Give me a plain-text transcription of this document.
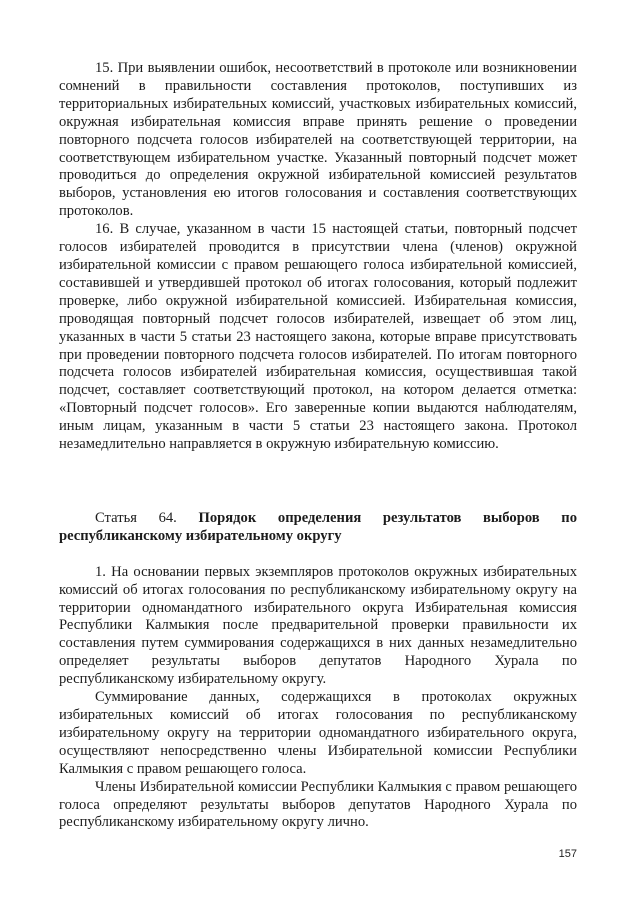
15. При выявлении ошибок, несоответствий в протоколе или возникновении сомнений в правильности составления протоколов, поступивших из территориальных избирательных комиссий, участковых избирательных комиссий, окружная избирательная комиссия вправе принять решение о проведении повторного подсчета голосов избирателей на соответствующей территории, на соответствующем избирательном участке. Указанный повторный подсчет может проводиться до определения окружной избирательной комиссией результатов выборов, установления ею итогов голосования и составления соответствующих протоколов.

16. В случае, указанном в части 15 настоящей статьи, повторный подсчет голосов избирателей проводится в присутствии члена (членов) окружной избирательной комиссии с правом решающего голоса избирательной комиссией, составившей и утвердившей протокол об итогах голосования, который подлежит проверке, либо окружной избирательной комиссией. Избирательная комиссия, проводящая повторный подсчет голосов избирателей, извещает об этом лиц, указанных в части 5 статьи 23 настоящего закона, которые вправе присутствовать при проведении повторного подсчета голосов избирателей. По итогам повторного подсчета голосов избирателей избирательная комиссия, осуществившая такой подсчет, составляет соответствующий протокол, на котором делается отметка: «Повторный подсчет голосов». Его заверенные копии выдаются наблюдателям, иным лицам, указанным в части 5 статьи 23 настоящего закона. Протокол незамедлительно направляется в окружную избирательную комиссию.

Статья 64. Порядок определения результатов выборов по республиканскому избирательному округу

1. На основании первых экземпляров протоколов окружных избирательных комиссий об итогах голосования по республиканскому избирательному округу на территории одномандатного избирательного округа Избирательная комиссия Республики Калмыкия после предварительной проверки правильности их составления путем суммирования содержащихся в них данных незамедлительно определяет результаты выборов депутатов Народного Хурала по республиканскому избирательному округу.

Суммирование данных, содержащихся в протоколах окружных избирательных комиссий об итогах голосования по республиканскому избирательному округу на территории одномандатного избирательного округа, осуществляют непосредственно члены Избирательной комиссии Республики Калмыкия с правом решающего голоса.

Члены Избирательной комиссии Республики Калмыкия с правом решающего голоса определяют результаты выборов депутатов Народного Хурала по республиканскому избирательному округу лично.

157
